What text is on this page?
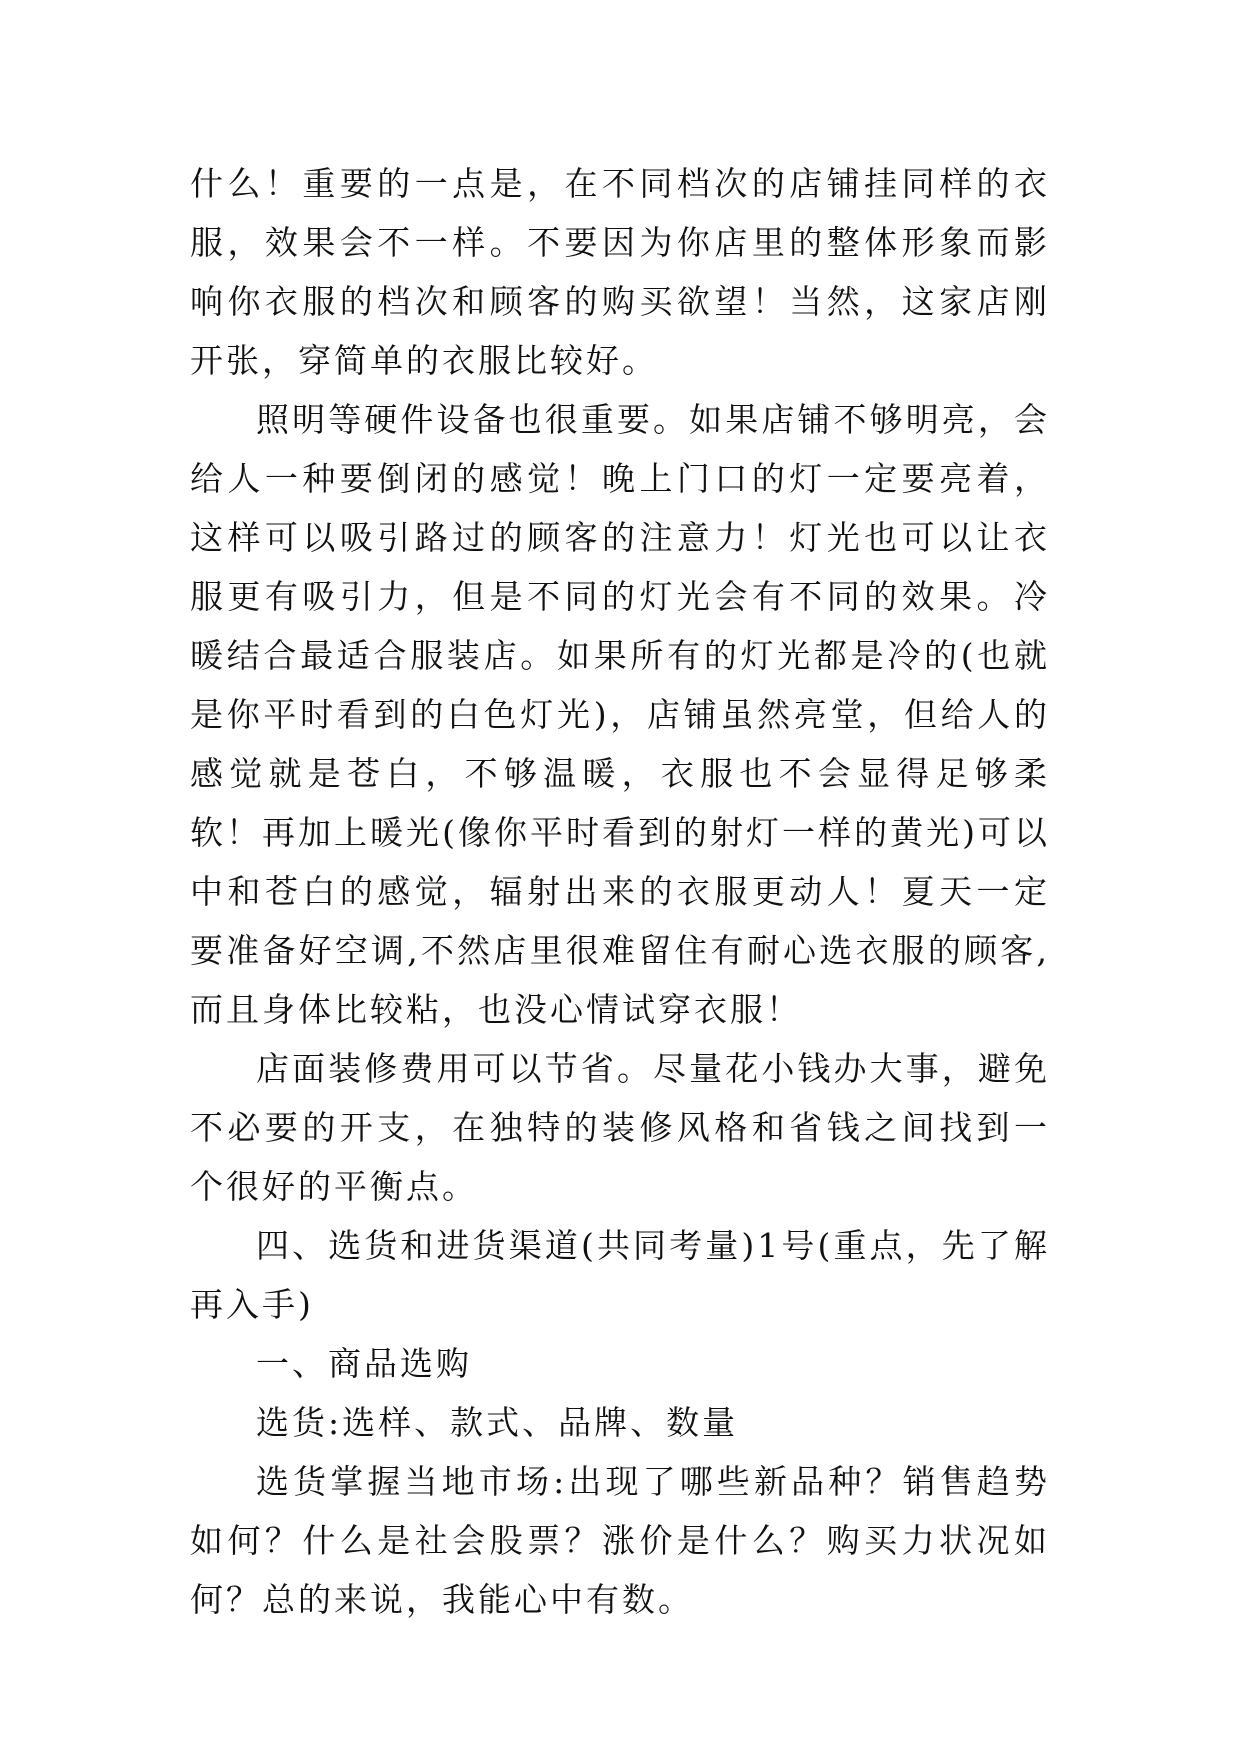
什么！重要的一点是，在不同档次的店铺挂同样的衣服，效果会不一样。不要因为你店里的整体形象而影响你衣服的档次和顾客的购买欲望！当然，这家店刚开张，穿简单的衣服比较好。

照明等硬件设备也很重要。如果店铺不够明亮，会给人一种要倒闭的感觉！晚上门口的灯一定要亮着，这样可以吸引路过的顾客的注意力！灯光也可以让衣服更有吸引力，但是不同的灯光会有不同的效果。冷暖结合最适合服装店。如果所有的灯光都是冷的(也就是你平时看到的白色灯光)，店铺虽然亮堂，但给人的感觉就是苍白，不够温暖，衣服也不会显得足够柔软！再加上暖光(像你平时看到的射灯一样的黄光)可以中和苍白的感觉，辐射出来的衣服更动人！夏天一定要准备好空调,不然店里很难留住有耐心选衣服的顾客,而且身体比较粘，也没心情试穿衣服！

店面装修费用可以节省。尽量花小钱办大事，避免不必要的开支，在独特的装修风格和省钱之间找到一个很好的平衡点。

四、选货和进货渠道(共同考量)1号(重点，先了解再入手)

一、商品选购

选货:选样、款式、品牌、数量

选货掌握当地市场:出现了哪些新品种？销售趋势如何？什么是社会股票？涨价是什么？购买力状况如何？总的来说，我能心中有数。
